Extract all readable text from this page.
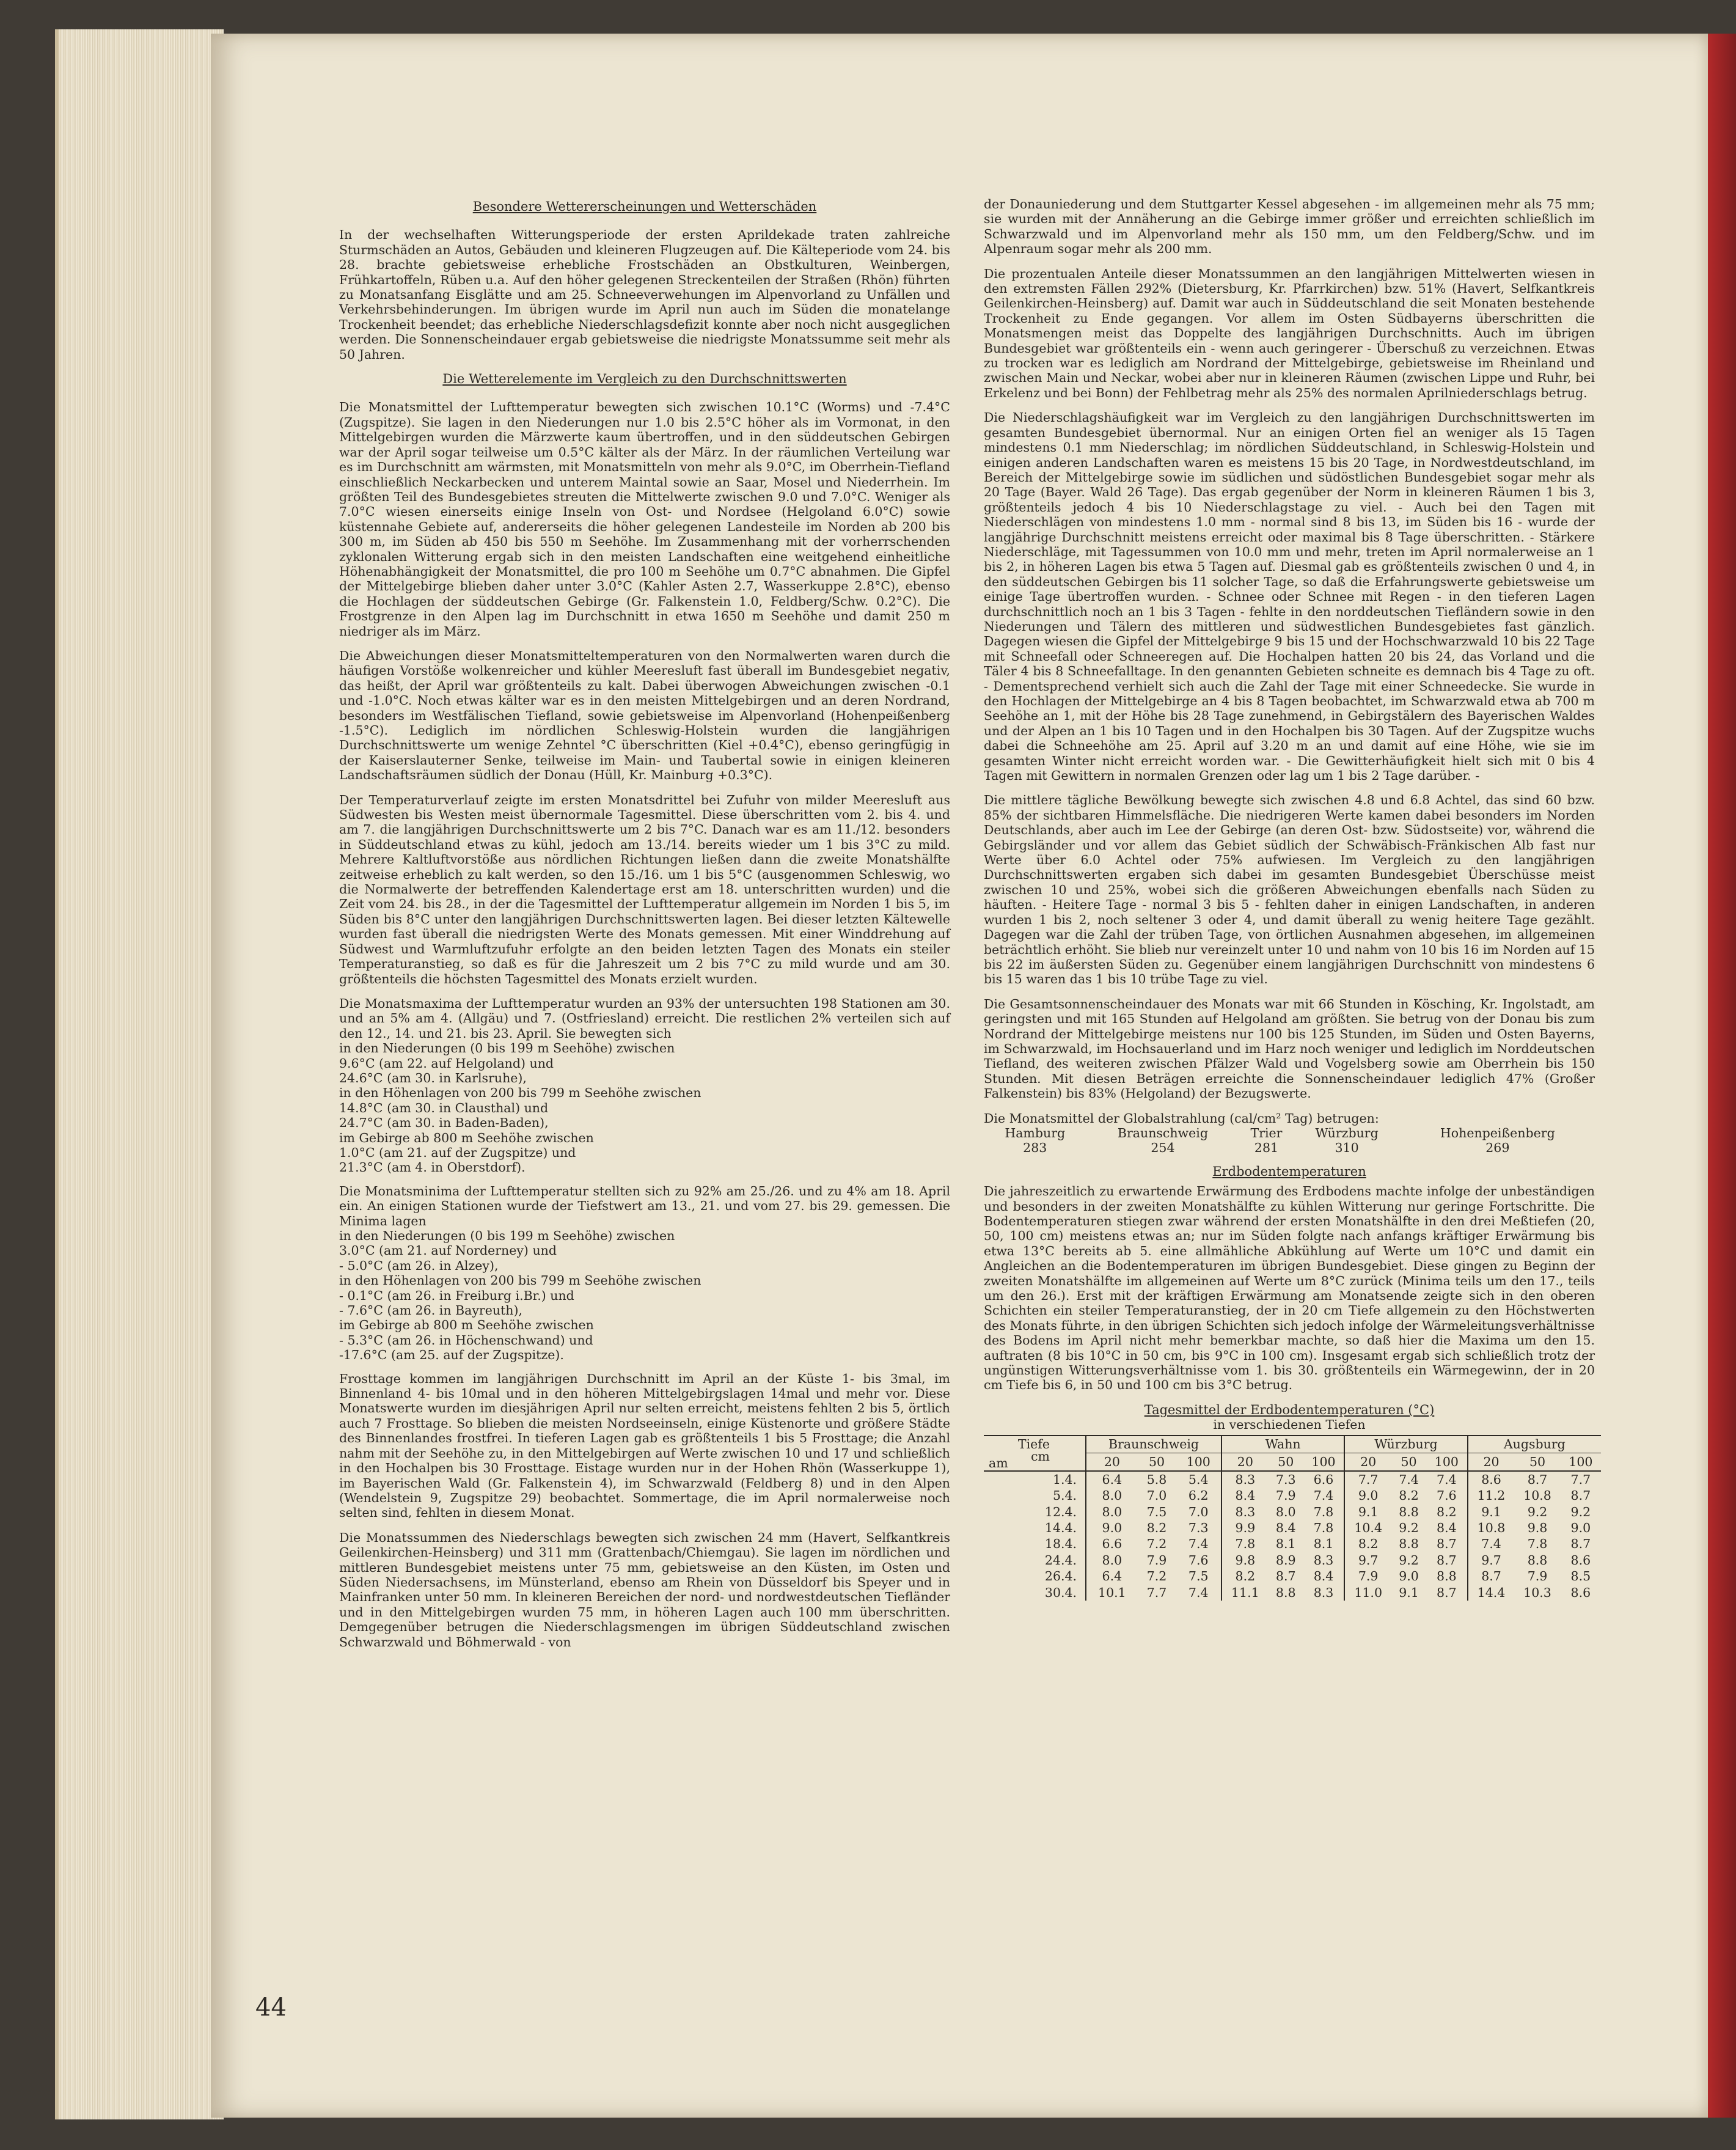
Besondere Wettererscheinungen und Wetterschäden
In der wechselhaften Witterungsperiode der ersten Aprildekade traten zahlreiche Sturmschäden an Autos, Gebäuden und kleineren Flugzeugen auf. Die Kälteperiode vom 24. bis 28. brachte gebietsweise erhebliche Frostschäden an Obstkulturen, Weinbergen, Frühkartoffeln, Rüben u.a. Auf den höher gelegenen Streckenteilen der Straßen (Rhön) führten zu Monatsanfang Eisglätte und am 25. Schneeverwehungen im Alpenvorland zu Unfällen und Verkehrsbehinderungen. Im übrigen wurde im April nun auch im Süden die monatelange Trockenheit beendet; das erhebliche Niederschlagsdefizit konnte aber noch nicht ausgeglichen werden. Die Sonnenscheindauer ergab gebietsweise die niedrigste Monatssumme seit mehr als 50 Jahren.
Die Wetterelemente im Vergleich zu den Durchschnittswerten
Die Monatsmittel der Lufttemperatur bewegten sich zwischen 10.1°C (Worms) und -7.4°C (Zugspitze). Sie lagen in den Niederungen nur 1.0 bis 2.5°C höher als im Vormonat, in den Mittelgebirgen wurden die Märzwerte kaum übertroffen, und in den süddeutschen Gebirgen war der April sogar teilweise um 0.5°C kälter als der März. In der räumlichen Verteilung war es im Durchschnitt am wärmsten, mit Monatsmitteln von mehr als 9.0°C, im Oberrhein-Tiefland einschließlich Neckarbecken und unterem Maintal sowie an Saar, Mosel und Niederrhein. Im größten Teil des Bundesgebietes streuten die Mittelwerte zwischen 9.0 und 7.0°C. Weniger als 7.0°C wiesen einerseits einige Inseln von Ost- und Nordsee (Helgoland 6.0°C) sowie küstennahe Gebiete auf, andererseits die höher gelegenen Landesteile im Norden ab 200 bis 300 m, im Süden ab 450 bis 550 m Seehöhe. Im Zusammenhang mit der vorherrschenden zyklonalen Witterung ergab sich in den meisten Landschaften eine weitgehend einheitliche Höhenabhängigkeit der Monatsmittel, die pro 100 m Seehöhe um 0.7°C abnahmen. Die Gipfel der Mittelgebirge blieben daher unter 3.0°C (Kahler Asten 2.7, Wasserkuppe 2.8°C), ebenso die Hochlagen der süddeutschen Gebirge (Gr. Falkenstein 1.0, Feldberg/Schw. 0.2°C). Die Frostgrenze in den Alpen lag im Durchschnitt in etwa 1650 m Seehöhe und damit 250 m niedriger als im März.
Die Abweichungen dieser Monatsmitteltemperaturen von den Normalwerten waren durch die häufigen Vorstöße wolkenreicher und kühler Meeresluft fast überall im Bundesgebiet negativ, das heißt, der April war größtenteils zu kalt. Dabei überwogen Abweichungen zwischen -0.1 und -1.0°C. Noch etwas kälter war es in den meisten Mittelgebirgen und an deren Nordrand, besonders im Westfälischen Tiefland, sowie gebietsweise im Alpenvorland (Hohenpeißenberg -1.5°C). Lediglich im nördlichen Schleswig-Holstein wurden die langjährigen Durchschnittswerte um wenige Zehntel °C überschritten (Kiel +0.4°C), ebenso geringfügig in der Kaiserslauterner Senke, teilweise im Main- und Taubertal sowie in einigen kleineren Landschaftsräumen südlich der Donau (Hüll, Kr. Mainburg +0.3°C).
Der Temperaturverlauf zeigte im ersten Monatsdrittel bei Zufuhr von milder Meeresluft aus Südwesten bis Westen meist übernormale Tagesmittel. Diese überschritten vom 2. bis 4. und am 7. die langjährigen Durchschnittswerte um 2 bis 7°C. Danach war es am 11./12. besonders in Süddeutschland etwas zu kühl, jedoch am 13./14. bereits wieder um 1 bis 3°C zu mild. Mehrere Kaltluftvorstöße aus nördlichen Richtungen ließen dann die zweite Monatshälfte zeitweise erheblich zu kalt werden, so den 15./16. um 1 bis 5°C (ausgenommen Schleswig, wo die Normalwerte der betreffenden Kalendertage erst am 18. unterschritten wurden) und die Zeit vom 24. bis 28., in der die Tagesmittel der Lufttemperatur allgemein im Norden 1 bis 5, im Süden bis 8°C unter den langjährigen Durchschnittswerten lagen. Bei dieser letzten Kältewelle wurden fast überall die niedrigsten Werte des Monats gemessen. Mit einer Winddrehung auf Südwest und Warmluftzufuhr erfolgte an den beiden letzten Tagen des Monats ein steiler Temperaturanstieg, so daß es für die Jahreszeit um 2 bis 7°C zu mild wurde und am 30. größtenteils die höchsten Tagesmittel des Monats erzielt wurden.
Die Monatsmaxima der Lufttemperatur wurden an 93% der untersuchten 198 Stationen am 30. und an 5% am 4. (Allgäu) und 7. (Ostfriesland) erreicht. Die restlichen 2% verteilen sich auf den 12., 14. und 21. bis 23. April. Sie bewegten sich
in den Niederungen (0 bis 199 m Seehöhe) zwischen
9.6°C (am 22. auf Helgoland) und
24.6°C (am 30. in Karlsruhe),
in den Höhenlagen von 200 bis 799 m Seehöhe zwischen
14.8°C (am 30. in Clausthal) und
24.7°C (am 30. in Baden-Baden),
im Gebirge ab 800 m Seehöhe zwischen
1.0°C (am 21. auf der Zugspitze) und
21.3°C (am 4. in Oberstdorf).
Die Monatsminima der Lufttemperatur stellten sich zu 92% am 25./26. und zu 4% am 18. April ein. An einigen Stationen wurde der Tiefstwert am 13., 21. und vom 27. bis 29. gemessen. Die Minima lagen
in den Niederungen (0 bis 199 m Seehöhe) zwischen
3.0°C (am 21. auf Norderney) und
- 5.0°C (am 26. in Alzey),
in den Höhenlagen von 200 bis 799 m Seehöhe zwischen
- 0.1°C (am 26. in Freiburg i.Br.) und
- 7.6°C (am 26. in Bayreuth),
im Gebirge ab 800 m Seehöhe zwischen
- 5.3°C (am 26. in Höchenschwand) und
-17.6°C (am 25. auf der Zugspitze).
Frosttage kommen im langjährigen Durchschnitt im April an der Küste 1- bis 3mal, im Binnenland 4- bis 10mal und in den höheren Mittelgebirgslagen 14mal und mehr vor. Diese Monatswerte wurden im diesjährigen April nur selten erreicht, meistens fehlten 2 bis 5, örtlich auch 7 Frosttage. So blieben die meisten Nordseeinseln, einige Küstenorte und größere Städte des Binnenlandes frostfrei. In tieferen Lagen gab es größtenteils 1 bis 5 Frosttage; die Anzahl nahm mit der Seehöhe zu, in den Mittelgebirgen auf Werte zwischen 10 und 17 und schließlich in den Hochalpen bis 30 Frosttage. Eistage wurden nur in der Hohen Rhön (Wasserkuppe 1), im Bayerischen Wald (Gr. Falkenstein 4), im Schwarzwald (Feldberg 8) und in den Alpen (Wendelstein 9, Zugspitze 29) beobachtet. Sommertage, die im April normalerweise noch selten sind, fehlten in diesem Monat.
Die Monatssummen des Niederschlags bewegten sich zwischen 24 mm (Havert, Selfkantkreis Geilenkirchen-Heinsberg) und 311 mm (Grattenbach/Chiemgau). Sie lagen im nördlichen und mittleren Bundesgebiet meistens unter 75 mm, gebietsweise an den Küsten, im Osten und Süden Niedersachsens, im Münsterland, ebenso am Rhein von Düsseldorf bis Speyer und in Mainfranken unter 50 mm. In kleineren Bereichen der nord- und nordwestdeutschen Tiefländer und in den Mittelgebirgen wurden 75 mm, in höheren Lagen auch 100 mm überschritten. Demgegenüber betrugen die Niederschlagsmengen im übrigen Süddeutschland zwischen Schwarzwald und Böhmerwald - von
der Donauniederung und dem Stuttgarter Kessel abgesehen - im allgemeinen mehr als 75 mm; sie wurden mit der Annäherung an die Gebirge immer größer und erreichten schließlich im Schwarzwald und im Alpenvorland mehr als 150 mm, um den Feldberg/Schw. und im Alpenraum sogar mehr als 200 mm.
Die prozentualen Anteile dieser Monatssummen an den langjährigen Mittelwerten wiesen in den extremsten Fällen 292% (Dietersburg, Kr. Pfarrkirchen) bzw. 51% (Havert, Selfkantkreis Geilenkirchen-Heinsberg) auf. Damit war auch in Süddeutschland die seit Monaten bestehende Trockenheit zu Ende gegangen. Vor allem im Osten Südbayerns überschritten die Monatsmengen meist das Doppelte des langjährigen Durchschnitts. Auch im übrigen Bundesgebiet war größtenteils ein - wenn auch geringerer - Überschuß zu verzeichnen. Etwas zu trocken war es lediglich am Nordrand der Mittelgebirge, gebietsweise im Rheinland und zwischen Main und Neckar, wobei aber nur in kleineren Räumen (zwischen Lippe und Ruhr, bei Erkelenz und bei Bonn) der Fehlbetrag mehr als 25% des normalen Aprilniederschlags betrug.
Die Niederschlagshäufigkeit war im Vergleich zu den langjährigen Durchschnittswerten im gesamten Bundesgebiet übernormal. Nur an einigen Orten fiel an weniger als 15 Tagen mindestens 0.1 mm Niederschlag; im nördlichen Süddeutschland, in Schleswig-Holstein und einigen anderen Landschaften waren es meistens 15 bis 20 Tage, in Nordwestdeutschland, im Bereich der Mittelgebirge sowie im südlichen und südöstlichen Bundesgebiet sogar mehr als 20 Tage (Bayer. Wald 26 Tage). Das ergab gegenüber der Norm in kleineren Räumen 1 bis 3, größtenteils jedoch 4 bis 10 Niederschlagstage zu viel. - Auch bei den Tagen mit Niederschlägen von mindestens 1.0 mm - normal sind 8 bis 13, im Süden bis 16 - wurde der langjährige Durchschnitt meistens erreicht oder maximal bis 8 Tage überschritten. - Stärkere Niederschläge, mit Tagessummen von 10.0 mm und mehr, treten im April normalerweise an 1 bis 2, in höheren Lagen bis etwa 5 Tagen auf. Diesmal gab es größtenteils zwischen 0 und 4, in den süddeutschen Gebirgen bis 11 solcher Tage, so daß die Erfahrungswerte gebietsweise um einige Tage übertroffen wurden. - Schnee oder Schnee mit Regen - in den tieferen Lagen durchschnittlich noch an 1 bis 3 Tagen - fehlte in den norddeutschen Tiefländern sowie in den Niederungen und Tälern des mittleren und südwestlichen Bundesgebietes fast gänzlich. Dagegen wiesen die Gipfel der Mittelgebirge 9 bis 15 und der Hochschwarzwald 10 bis 22 Tage mit Schneefall oder Schneeregen auf. Die Hochalpen hatten 20 bis 24, das Vorland und die Täler 4 bis 8 Schneefalltage. In den genannten Gebieten schneite es demnach bis 4 Tage zu oft. - Dementsprechend verhielt sich auch die Zahl der Tage mit einer Schneedecke. Sie wurde in den Hochlagen der Mittelgebirge an 4 bis 8 Tagen beobachtet, im Schwarzwald etwa ab 700 m Seehöhe an 1, mit der Höhe bis 28 Tage zunehmend, in Gebirgstälern des Bayerischen Waldes und der Alpen an 1 bis 10 Tagen und in den Hochalpen bis 30 Tagen. Auf der Zugspitze wuchs dabei die Schneehöhe am 25. April auf 3.20 m an und damit auf eine Höhe, wie sie im gesamten Winter nicht erreicht worden war. - Die Gewitterhäufigkeit hielt sich mit 0 bis 4 Tagen mit Gewittern in normalen Grenzen oder lag um 1 bis 2 Tage darüber. -
Die mittlere tägliche Bewölkung bewegte sich zwischen 4.8 und 6.8 Achtel, das sind 60 bzw. 85% der sichtbaren Himmelsfläche. Die niedrigeren Werte kamen dabei besonders im Norden Deutschlands, aber auch im Lee der Gebirge (an deren Ost- bzw. Südostseite) vor, während die Gebirgsländer und vor allem das Gebiet südlich der Schwäbisch-Fränkischen Alb fast nur Werte über 6.0 Achtel oder 75% aufwiesen. Im Vergleich zu den langjährigen Durchschnittswerten ergaben sich dabei im gesamten Bundesgebiet Überschüsse meist zwischen 10 und 25%, wobei sich die größeren Abweichungen ebenfalls nach Süden zu häuften. - Heitere Tage - normal 3 bis 5 - fehlten daher in einigen Landschaften, in anderen wurden 1 bis 2, noch seltener 3 oder 4, und damit überall zu wenig heitere Tage gezählt. Dagegen war die Zahl der trüben Tage, von örtlichen Ausnahmen abgesehen, im allgemeinen beträchtlich erhöht. Sie blieb nur vereinzelt unter 10 und nahm von 10 bis 16 im Norden auf 15 bis 22 im äußersten Süden zu. Gegenüber einem langjährigen Durchschnitt von mindestens 6 bis 15 waren das 1 bis 10 trübe Tage zu viel.
Die Gesamtsonnenscheindauer des Monats war mit 66 Stunden in Kösching, Kr. Ingolstadt, am geringsten und mit 165 Stunden auf Helgoland am größten. Sie betrug von der Donau bis zum Nordrand der Mittelgebirge meistens nur 100 bis 125 Stunden, im Süden und Osten Bayerns, im Schwarzwald, im Hochsauerland und im Harz noch weniger und lediglich im Norddeutschen Tiefland, des weiteren zwischen Pfälzer Wald und Vogelsberg sowie am Oberrhein bis 150 Stunden. Mit diesen Beträgen erreichte die Sonnenscheindauer lediglich 47% (Großer Falkenstein) bis 83% (Helgoland) der Bezugswerte.
Die Monatsmittel der Globalstrahlung (cal/cm² Tag) betrugen:
Hamburg	Braunschweig	Trier	Würzburg	Hohenpeißenberg
283	254	281	310	269
Erdbodentemperaturen
Die jahreszeitlich zu erwartende Erwärmung des Erdbodens machte infolge der unbeständigen und besonders in der zweiten Monatshälfte zu kühlen Witterung nur geringe Fortschritte. Die Bodentemperaturen stiegen zwar während der ersten Monatshälfte in den drei Meßtiefen (20, 50, 100 cm) meistens etwas an; nur im Süden folgte nach anfangs kräftiger Erwärmung bis etwa 13°C bereits ab 5. eine allmähliche Abkühlung auf Werte um 10°C und damit ein Angleichen an die Bodentemperaturen im übrigen Bundesgebiet. Diese gingen zu Beginn der zweiten Monatshälfte im allgemeinen auf Werte um 8°C zurück (Minima teils um den 17., teils um den 26.). Erst mit der kräftigen Erwärmung am Monatsende zeigte sich in den oberen Schichten ein steiler Temperaturanstieg, der in 20 cm Tiefe allgemein zu den Höchstwerten des Monats führte, in den übrigen Schichten sich jedoch infolge der Wärmeleitungsverhältnisse des Bodens im April nicht mehr bemerkbar machte, so daß hier die Maxima um den 15. auftraten (8 bis 10°C in 50 cm, bis 9°C in 100 cm). Insgesamt ergab sich schließlich trotz der ungünstigen Witterungsverhältnisse vom 1. bis 30. größtenteils ein Wärmegewinn, der in 20 cm Tiefe bis 6, in 50 und 100 cm bis 3°C betrug.
Tagesmittel der Erdbodentemperaturen (°C)
in verschiedenen Tiefen
Tiefe
cm
am	Braunschweig			Wahn			Würzburg			Augsburg		
	20	50	100	20	50	100	20	50	100	20	50	100
1.4.	6.4	5.8	5.4	8.3	7.3	6.6	7.7	7.4	7.4	8.6	8.7	7.7
5.4.	8.0	7.0	6.2	8.4	7.9	7.4	9.0	8.2	7.6	11.2	10.8	8.7
12.4.	8.0	7.5	7.0	8.3	8.0	7.8	9.1	8.8	8.2	9.1	9.2	9.2
14.4.	9.0	8.2	7.3	9.9	8.4	7.8	10.4	9.2	8.4	10.8	9.8	9.0
18.4.	6.6	7.2	7.4	7.8	8.1	8.1	8.2	8.8	8.7	7.4	7.8	8.7
24.4.	8.0	7.9	7.6	9.8	8.9	8.3	9.7	9.2	8.7	9.7	8.8	8.6
26.4.	6.4	7.2	7.5	8.2	8.7	8.4	7.9	9.0	8.8	8.7	7.9	8.5
30.4.	10.1	7.7	7.4	11.1	8.8	8.3	11.0	9.1	8.7	14.4	10.3	8.6
44
